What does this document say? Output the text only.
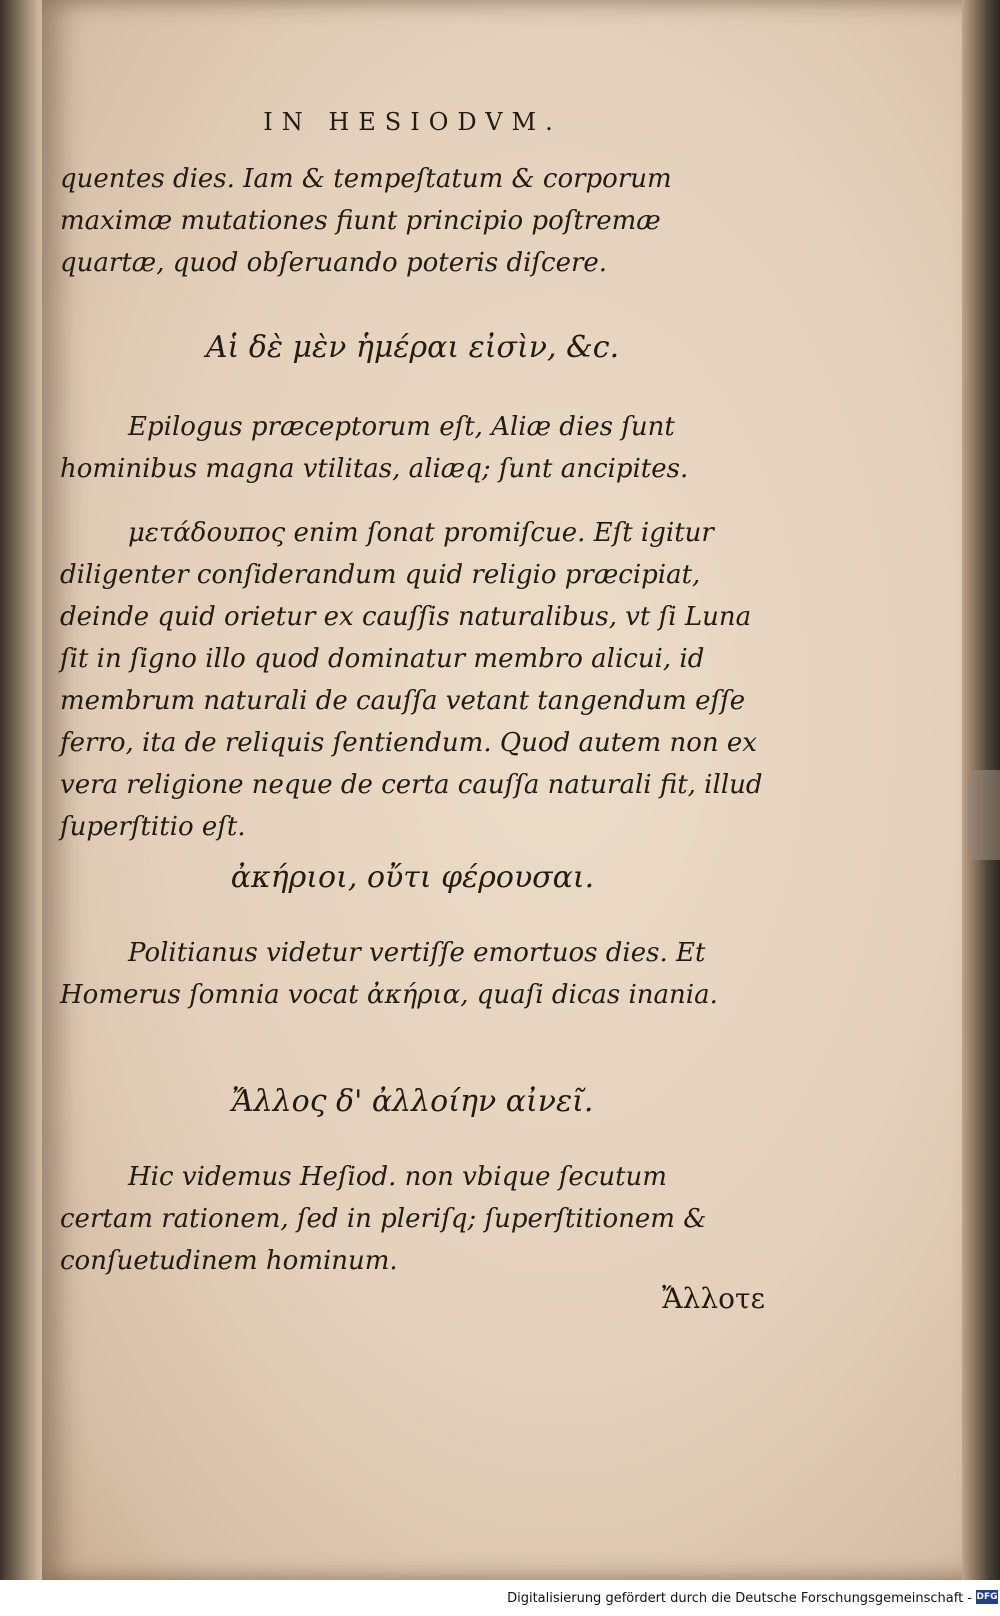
IN HESIODVM.

quentes dies. Iam & tempeſtatum & corporum maximæ mutationes fiunt principio poſtremæ quartæ, quod obſeruando poteris diſcere.

Αἱ δὲ μὲν ἡμέραι εἰσὶν, &c.

Epilogus præceptorum eſt, Aliæ dies ſunt hominibus magna vtilitas, aliæq; ſunt ancipites.

μετάδουπος enim ſonat promiſcue. Eſt igitur diligenter conſiderandum quid religio præcipiat, deinde quid orietur ex cauſſis naturalibus, vt ſi Luna ſit in ſigno illo quod dominatur membro alicui, id membrum naturali de cauſſa vetant tangendum eſſe ferro, ita de reliquis ſentiendum. Quod autem non ex vera religione neque de certa cauſſa naturali fit, illud ſuperſtitio eſt.

ἀκήριοι, οὔτι φέρουσαι.

Politianus videtur vertiſſe emortuos dies. Et Homerus ſomnia vocat ἀκήρια, quaſi dicas inania.

Ἄλλος δ' ἀλλοίην αἰνεῖ.

Hic videmus Heſiod. non vbique ſecutum certam rationem, ſed in pleriſq; ſuperſtitionem & conſuetudinem hominum.

Ἄλλοτε
Digitalisierung gefördert durch die Deutsche Forschungsgemeinschaft - DFG
